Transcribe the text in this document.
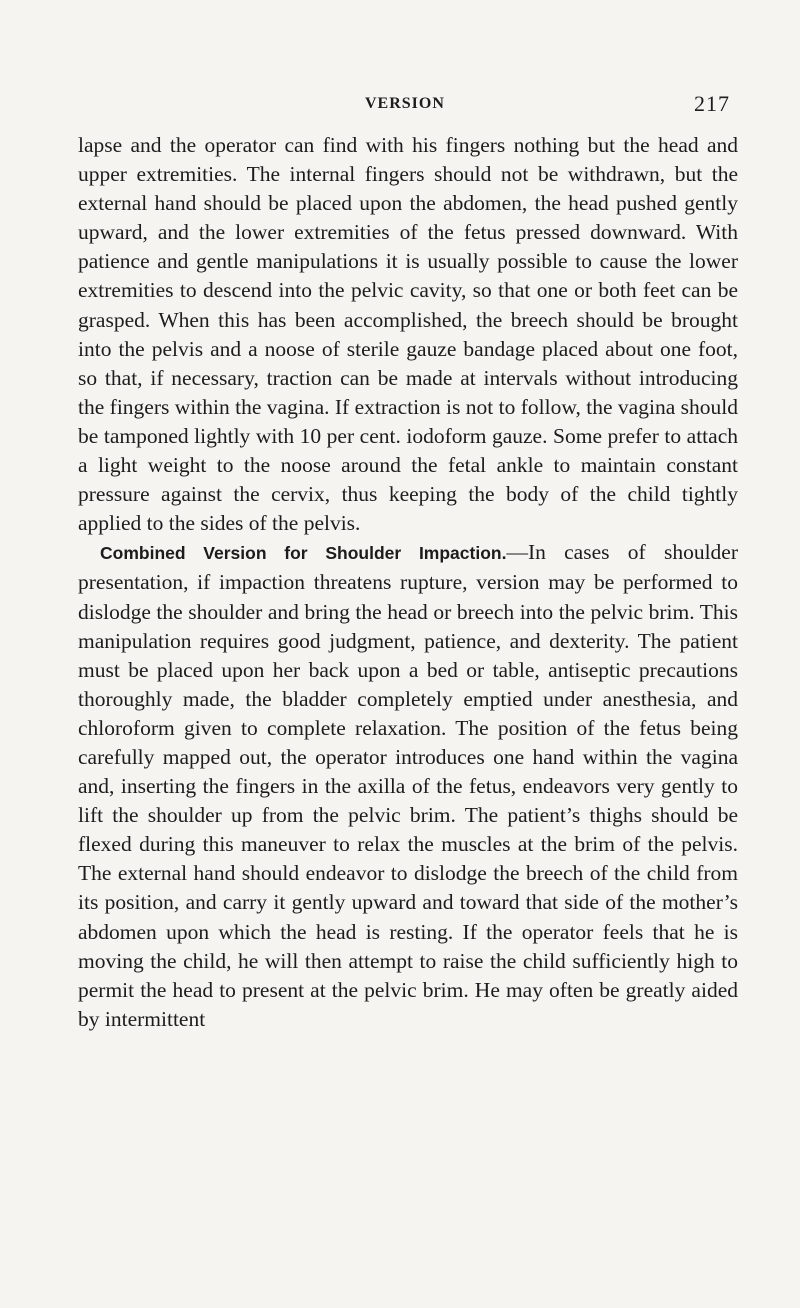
VERSION	217

lapse and the operator can find with his fingers nothing but the head and upper extremities. The internal fingers should not be withdrawn, but the external hand should be placed upon the abdomen, the head pushed gently upward, and the lower extremities of the fetus pressed downward. With patience and gentle manipulations it is usually possible to cause the lower extremities to descend into the pelvic cavity, so that one or both feet can be grasped. When this has been accomplished, the breech should be brought into the pelvis and a noose of sterile gauze bandage placed about one foot, so that, if necessary, traction can be made at intervals without introducing the fingers within the vagina. If extraction is not to follow, the vagina should be tamponed lightly with 10 per cent. iodoform gauze. Some prefer to attach a light weight to the noose around the fetal ankle to maintain constant pressure against the cervix, thus keeping the body of the child tightly applied to the sides of the pelvis.

Combined Version for Shoulder Impaction.—In cases of shoulder presentation, if impaction threatens rupture, version may be performed to dislodge the shoulder and bring the head or breech into the pelvic brim. This manipulation requires good judgment, patience, and dexterity. The patient must be placed upon her back upon a bed or table, antiseptic precautions thoroughly made, the bladder completely emptied under anesthesia, and chloroform given to complete relaxation. The position of the fetus being carefully mapped out, the operator introduces one hand within the vagina and, inserting the fingers in the axilla of the fetus, endeavors very gently to lift the shoulder up from the pelvic brim. The patient’s thighs should be flexed during this maneuver to relax the muscles at the brim of the pelvis. The external hand should endeavor to dislodge the breech of the child from its position, and carry it gently upward and toward that side of the mother’s abdomen upon which the head is resting. If the operator feels that he is moving the child, he will then attempt to raise the child sufficiently high to permit the head to present at the pelvic brim. He may often be greatly aided by intermittent
